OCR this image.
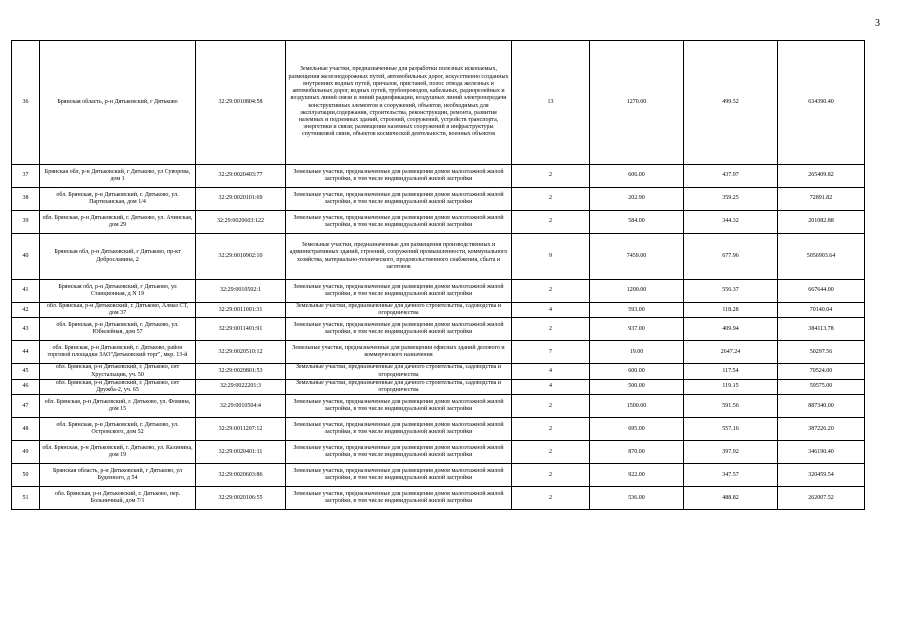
3
36	Брянская область, р-н Дятьковский, г Дятьково	32:29:0010804:58	Земельные участки, предназначенные для разработки полезных ископаемых, размещения железнодорожных путей, автомобильных дорог, искусственно созданных внутренних водных путей, причалов, пристаней, полос отвода железных и автомобильных дорог, водных путей, трубопроводов, кабельных, радиорелейных и воздушных линий связи и линий радиофикации, воздушных линий электропередачи конструктивных элементов и сооружений, объектов, необходимых для эксплуатации,содержания, строительства, реконструкции, ремонта, развития наземных и подземных зданий, строений, сооружений, устройств транспорта, энергетики и связи; размещения наземных сооружений и инфраструктуры спутниковой связи, объектов космической деятельности, военных объектов	13	1270.00	499.52	634390.40
37	Брянская обл, р-н Дятьковский, г Дятьково, ул Суворова, дом 1	32:29:0020403:77	Земельные участки, предназначенные для размещения домов малоэтажной жилой застройки, в том числе индивидуальной жилой застройки	2	606.00	437.97	265409.82
38	обл. Брянская, р-н Дятьковский, г. Дятьково, ул. Партизанская, дом 1/4	32:29:0020101:69	Земельные участки, предназначенные для размещения домов малоэтажной жилой застройки, в том числе индивидуальной жилой застройки	2	202.90	359.25	72891.82
39	обл. Брянская, р-н Дятьковский, г. Дятьково, ул. Ачинская, дом 29	32:29:0020603:122	Земельные участки, предназначенные для размещения домов малоэтажной жилой застройки, в том числе индивидуальной жилой застройки	2	584.00	344.32	201082.88
40	Брянская обл, р-н Дятьковский, г Дятьково, пр-кт Доброславина, 2	32:29:0010902:10	Земельные участки, предназначенные для размещения производственных и административных зданий, строений, сооружений промышленности, коммунального хозяйства, материально-технического, продовольственного снабжения, сбыта и заготовок	9	7459.00	677.96	5056903.64
41	Брянская обл, р-н Дятьковский, г Дятьково, ул Станционная, д N 19	32:29:0010502:1	Земельные участки, предназначенные для размещения домов малоэтажной жилой застройки, в том числе индивидуальной жилой застройки	2	1200.00	556.37	667644.00
42	обл. Брянская, р-н Дятьковский, г. Дятьково, Алмаз СТ, дом 37	32:29:0011001:31	Земельные участки, предназначенные для дачного строительства, садоводства и огородничества	4	593.00	118.28	70140.04
43	обл. Брянская, р-н Дятьковский, г. Дятьково, ул. Юбилейная, дом 57	32:29:0011401:91	Земельные участки, предназначенные для размещения домов малоэтажной жилой застройки, в том числе индивидуальной жилой застройки	2	937.00	409.94	384113.78
44	обл. Брянская, р-н Дятьковский, г. Дятьково, район торговой площадки ЗАО"Дятьковский торг", мкр. 13-й	32:29:0020510:12	Земельные участки, предназначенные для размещения офисных зданий делового и коммерческого назначения	7	19.00	2647.24	50297.56
45	обл. Брянская, р-н Дятьковский, г. Дятьково, снт Хрустальщик, уч. 50	32:29:0020801:53	Земельные участки, предназначенные для дачного строительства, садоводства и огородничества	4	600.00	117.54	70524.00
46	обл. Брянская, р-н Дятьковский, г. Дятьково, снт Дружба-2, уч. 65	32:29:0022201:3	Земельные участки, предназначенные для дачного строительства, садоводства и огородничества	4	500.00	119.15	59575.00
47	обл. Брянская, р-н Дятьковский, г. Дятьково, ул. Фомина, дом 15	32:29:0010504:4	Земельные участки, предназначенные для размещения домов малоэтажной жилой застройки, в том числе индивидуальной жилой застройки	2	1500.00	591.56	887340.00
48	обл. Брянская, р-н Дятьковский, г. Дятьково, ул. Островского, дом 52	32:29:0011207:12	Земельные участки, предназначенные для размещения домов малоэтажной жилой застройки, в том числе индивидуальной жилой застройки	2	695.00	557.16	387226.20
49	обл. Брянская, р-н Дятьковский, г. Дятьково, ул. Калинина, дом 19	32:29:0020401:11	Земельные участки, предназначенные для размещения домов малоэтажной жилой застройки, в том числе индивидуальной жилой застройки	2	870.00	397.92	346190.40
50	Брянская область, р-н Дятьковский, г Дятьково, ул Буденного, д 54	32:29:0020603:86	Земельные участки, предназначенные для размещения домов малоэтажной жилой застройки, в том числе индивидуальной жилой застройки	2	922.00	347.57	320459.54
51	обл. Брянская, р-н Дятьковский, г. Дятьково, пер. Больничный, дом 7/1	32:29:0020106:55	Земельные участки, предназначенные для размещения домов малоэтажной жилой застройки, в том числе индивидуальной жилой застройки	2	536.00	488.82	262007.52
